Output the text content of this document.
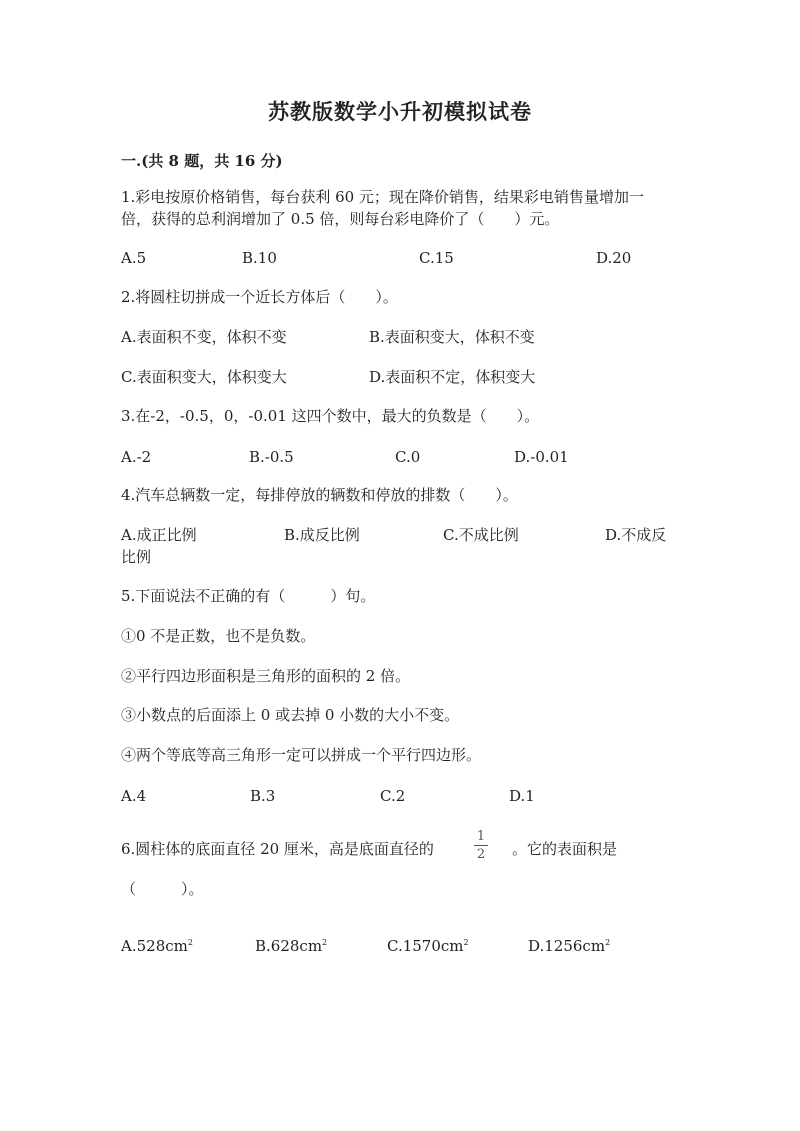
苏教版数学小升初模拟试卷
一.(共 8 题，共 16 分)
1.彩电按原价格销售，每台获利 60 元；现在降价销售，结果彩电销售量增加一
倍，获得的总利润增加了 0.5 倍，则每台彩电降价了（　　）元。
A.5	B.10	C.15	D.20
2.将圆柱切拼成一个近长方体后（　　）。
A.表面积不变，体积不变	B.表面积变大，体积不变
C.表面积变大，体积变大	D.表面积不定，体积变大
3.在-2，-0.5，0，-0.01 这四个数中，最大的负数是（　　）。
A.-2	B.-0.5	C.0	D.-0.01
4.汽车总辆数一定，每排停放的辆数和停放的排数（　　）。
A.成正比例	B.成反比例	C.不成比例	D.不成反
比例
5.下面说法不正确的有（　　　）句。
①0 不是正数，也不是负数。
②平行四边形面积是三角形的面积的 2 倍。
③小数点的后面添上 0 或去掉 0 小数的大小不变。
④两个等底等高三角形一定可以拼成一个平行四边形。
A.4	B.3	C.2	D.1
6.圆柱体的底面直径 20 厘米，高是底面直径的
1
2	。它的表面积是
（　　　）。
$A.528cm^2$	$B.628cm^2$	$C.1570cm^2$	$D.1256cm^2$
